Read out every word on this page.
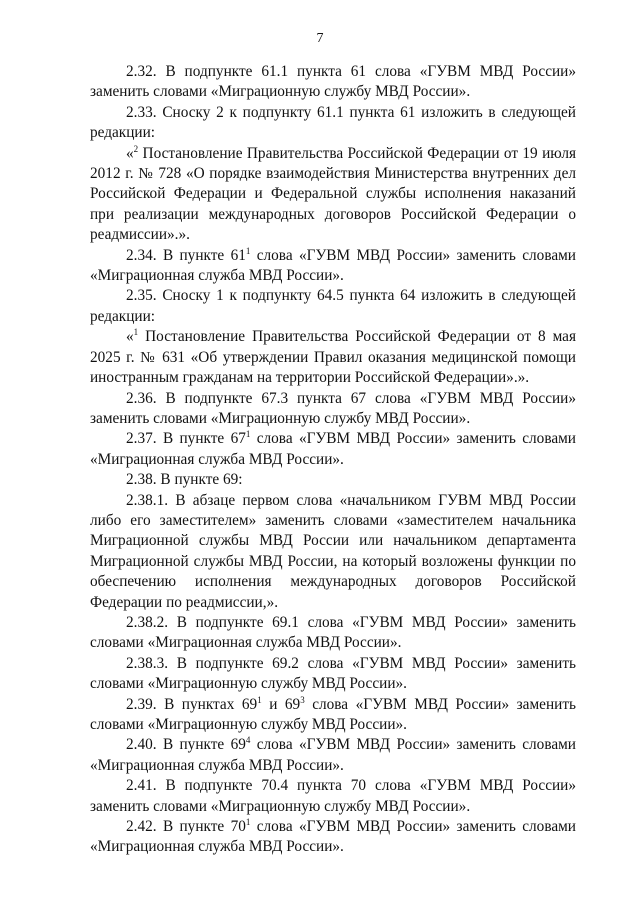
7

2.32. В подпункте 61.1 пункта 61 слова «ГУВМ МВД России» заменить словами «Миграционную службу МВД России».

2.33. Сноску 2 к подпункту 61.1 пункта 61 изложить в следующей редакции:

«$^2$ Постановление Правительства Российской Федерации от 19 июля 2012 г. № 728 «О порядке взаимодействия Министерства внутренних дел Российской Федерации и Федеральной службы исполнения наказаний при реализации международных договоров Российской Федерации о реадмиссии».».

2.34. В пункте $61^1$ слова «ГУВМ МВД России» заменить словами «Миграционная служба МВД России».

2.35. Сноску 1 к подпункту 64.5 пункта 64 изложить в следующей редакции:

«$^1$ Постановление Правительства Российской Федерации от 8 мая 2025 г. № 631 «Об утверждении Правил оказания медицинской помощи иностранным гражданам на территории Российской Федерации».».

2.36. В подпункте 67.3 пункта 67 слова «ГУВМ МВД России» заменить словами «Миграционную службу МВД России».

2.37. В пункте $67^1$ слова «ГУВМ МВД России» заменить словами «Миграционная служба МВД России».

2.38. В пункте 69:

2.38.1. В абзаце первом слова «начальником ГУВМ МВД России либо его заместителем» заменить словами «заместителем начальника Миграционной службы МВД России или начальником департамента Миграционной службы МВД России, на который возложены функции по обеспечению исполнения международных договоров Российской Федерации по реадмиссии,».

2.38.2. В подпункте 69.1 слова «ГУВМ МВД России» заменить словами «Миграционная служба МВД России».

2.38.3. В подпункте 69.2 слова «ГУВМ МВД России» заменить словами «Миграционную службу МВД России».

2.39. В пунктах $69^1$ и $69^3$ слова «ГУВМ МВД России» заменить словами «Миграционную службу МВД России».

2.40. В пункте $69^4$ слова «ГУВМ МВД России» заменить словами «Миграционная служба МВД России».

2.41. В подпункте 70.4 пункта 70 слова «ГУВМ МВД России» заменить словами «Миграционную службу МВД России».

2.42. В пункте $70^1$ слова «ГУВМ МВД России» заменить словами «Миграционная служба МВД России».
